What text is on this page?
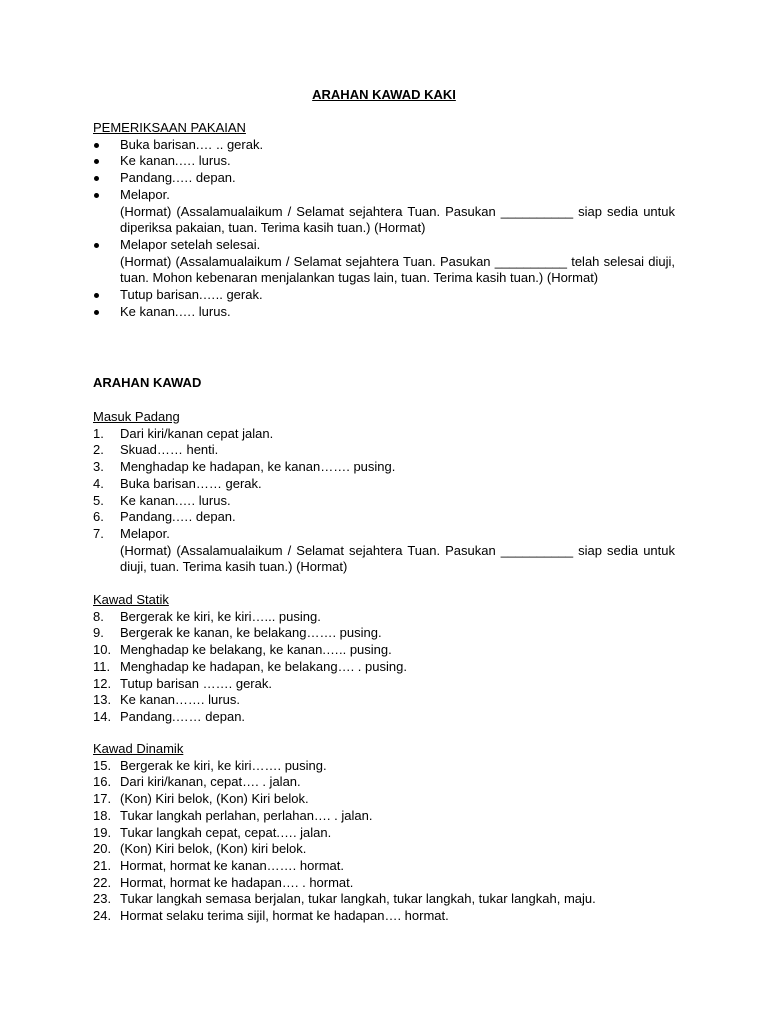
ARAHAN KAWAD KAKI
PEMERIKSAAN PAKAIAN
Buka barisan.… .. gerak.
Ke kanan.…. lurus.
Pandang.…. depan.
Melapor.
(Hormat) (Assalamualaikum / Selamat sejahtera Tuan. Pasukan __________ siap sedia untuk diperiksa pakaian, tuan. Terima kasih tuan.) (Hormat)
Melapor setelah selesai.
(Hormat) (Assalamualaikum / Selamat sejahtera Tuan. Pasukan __________ telah selesai diuji, tuan. Mohon kebenaran menjalankan tugas lain, tuan. Terima kasih tuan.) (Hormat)
Tutup barisan.….. gerak.
Ke kanan.…. lurus.
ARAHAN KAWAD
Masuk Padang
1. Dari kiri/kanan cepat jalan.
2. Skuad…… henti.
3. Menghadap ke hadapan, ke kanan……. pusing.
4. Buka barisan…… gerak.
5. Ke kanan.…. lurus.
6. Pandang.…. depan.
7. Melapor.
(Hormat) (Assalamualaikum / Selamat sejahtera Tuan. Pasukan __________ siap sedia untuk diuji, tuan. Terima kasih tuan.) (Hormat)
Kawad Statik
8. Bergerak ke kiri, ke kiri…... pusing.
9. Bergerak ke kanan, ke belakang……. pusing.
10. Menghadap ke belakang, ke kanan.….. pusing.
11. Menghadap ke hadapan, ke belakang…. . pusing.
12. Tutup barisan ……. gerak.
13. Ke kanan……. lurus.
14. Pandang.…… depan.
Kawad Dinamik
15. Bergerak ke kiri, ke kiri……. pusing.
16. Dari kiri/kanan, cepat…. . jalan.
17. (Kon) Kiri belok, (Kon) Kiri belok.
18. Tukar langkah perlahan, perlahan…. . jalan.
19. Tukar langkah cepat, cepat.…. jalan.
20. (Kon) Kiri belok, (Kon) kiri belok.
21. Hormat, hormat ke kanan……. hormat.
22. Hormat, hormat ke hadapan…. . hormat.
23. Tukar langkah semasa berjalan, tukar langkah, tukar langkah, tukar langkah, maju.
24. Hormat selaku terima sijil, hormat ke hadapan…. hormat.
